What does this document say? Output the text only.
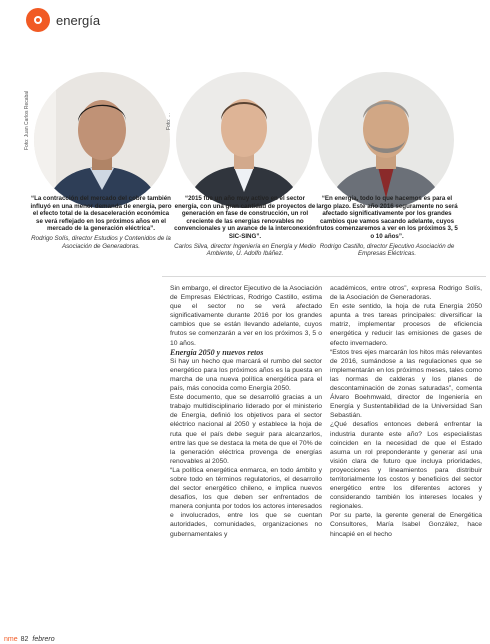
energía
Foto: Juan Carlos Recabal	Foto: ...
“La contracción del mercado del cobre también influyó en una menor demanda de energía, pero el efecto total de la desaceleración económica se verá reflejado en los próximos años en el mercado de la generación eléctrica”.
Rodrigo Solís, director Estudios y Contenidos de la Asociación de Generadoras.
“2015 fue un año muy activo en el sector energía, con una gran cantidad de proyectos de generación en fase de construcción, un rol creciente de las energías renovables no convencionales y un avance de la interconexión SIC-SING”.
Carlos Silva, director Ingeniería en Energía y Medio Ambiente, U. Adolfo Ibáñez.
“En energía, todo lo que hacemos es para el largo plazo. Este año 2016 seguramente no será afectado significativamente por los grandes cambios que vamos sacando adelante, cuyos frutos comenzaremos a ver en los próximos 3, 5 o 10 años”.
Rodrigo Castillo, director Ejecutivo Asociación de Empresas Eléctricas.

Sin embargo, el director Ejecutivo de la Asociación de Empresas Eléctricas, Rodrigo Castillo, estima que el sector no se verá afectado significativamente durante 2016 por los grandes cambios que se están llevando adelante, cuyos frutos se comenzarán a ver en los próximos 3, 5 o 10 años.

Energía 2050 y nuevos retos

Si hay un hecho que marcará el rumbo del sector energético para los próximos años es la puesta en marcha de una nueva política energética para el país, más conocida como Energía 2050.

Este documento, que se desarrolló gracias a un trabajo multidisciplinario liderado por el ministerio de Energía, definió los objetivos para el sector eléctrico nacional al 2050 y establece la hoja de ruta que el país debe seguir para alcanzarlos, entre las que se destaca la meta de que el 70% de la generación eléctrica provenga de energías renovables al 2050.

“La política energética enmarca, en todo ámbito y sobre todo en términos regulatorios, el desarrollo del sector energético chileno, e implica nuevos desafíos, los que deben ser enfrentados de manera conjunta por todos los actores interesados e involucrados, entre los que se cuentan autoridades, comunidades, organizaciones no gubernamentales y

académicos, entre otros”, expresa Rodrigo Solís, de la Asociación de Generadoras.

En este sentido, la hoja de ruta Energía 2050 apunta a tres tareas principales: diversificar la matriz, implementar procesos de eficiencia energética y reducir las emisiones de gases de efecto invernadero.

“Estos tres ejes marcarán los hitos más relevantes de 2016, sumándose a las regulaciones que se implementarán en los próximos meses, tales como las normas de calderas y los planes de descontaminación de zonas saturadas”, comenta Álvaro Boehmwald, director de Ingeniería en Energía y Sustentabilidad de la Universidad San Sebastián.

¿Qué desafíos entonces deberá enfrentar la industria durante este año? Los especialistas coinciden en la necesidad de que el Estado asuma un rol preponderante y generar así una visión clara de futuro que incluya prioridades, proyecciones y lineamientos para distribuir territorialmente los costos y beneficios del sector energético entre los diferentes actores y considerando también los intereses locales y regionales.

Por su parte, la gerente general de Energética Consultores, María Isabel González, hace hincapié en el hecho

nme 82 febrero
